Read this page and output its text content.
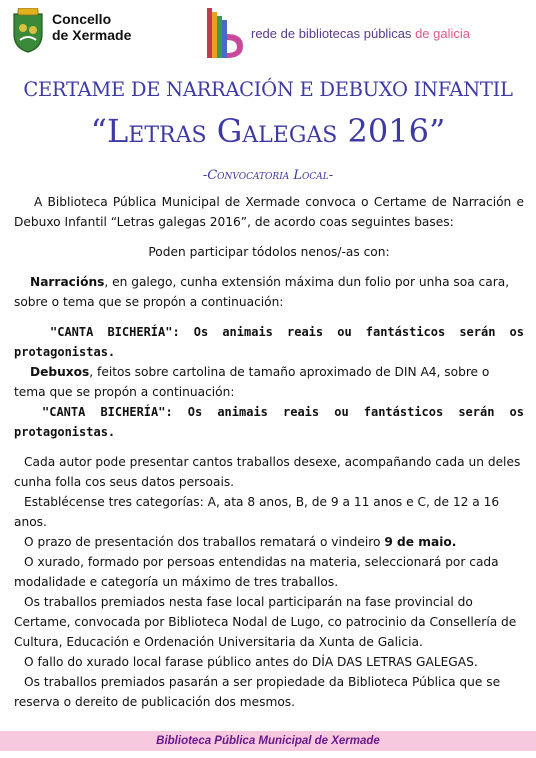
Concello
de Xermade	rede de bibliotecas públicas de galicia
CERTAME DE NARRACIÓN E DEBUXO INFANTIL
“Letras Galegas 2016”
-Convocatoria Local-

A Biblioteca Pública Municipal de Xermade convoca o Certame de Narración e Debuxo Infantil “Letras galegas 2016”, de acordo coas seguintes bases:

Poden participar tódolos nenos/-as con:

Narracións, en galego, cunha extensión máxima dun folio por unha soa cara, sobre o tema que se propón a continuación:

"CANTA BICHERÍA": Os animais reais ou fantásticos serán os protagonistas.

Debuxos, feitos sobre cartolina de tamaño aproximado de DIN A4, sobre o tema que se propón a continuación:

"CANTA BICHERÍA": Os animais reais ou fantásticos serán os protagonistas.

Cada autor pode presentar cantos traballos desexe, acompañando cada un deles cunha folla cos seus datos persoais.

Establécense tres categorías: A, ata 8 anos, B, de 9 a 11 anos e C, de 12 a 16 anos.

O prazo de presentación dos traballos rematará o vindeiro 9 de maio.

O xurado, formado por persoas entendidas na materia, seleccionará por cada modalidade e categoría un máximo de tres traballos.

Os traballos premiados nesta fase local participarán na fase provincial do Certame, convocada por Biblioteca Nodal de Lugo, co patrocinio da Consellería de Cultura, Educación e Ordenación Universitaria da Xunta de Galicia.

O fallo do xurado local farase público antes do DÍA DAS LETRAS GALEGAS.

Os traballos premiados pasarán a ser propiedade da Biblioteca Pública que se reserva o dereito de publicación dos mesmos.

Biblioteca Pública Municipal de Xermade
